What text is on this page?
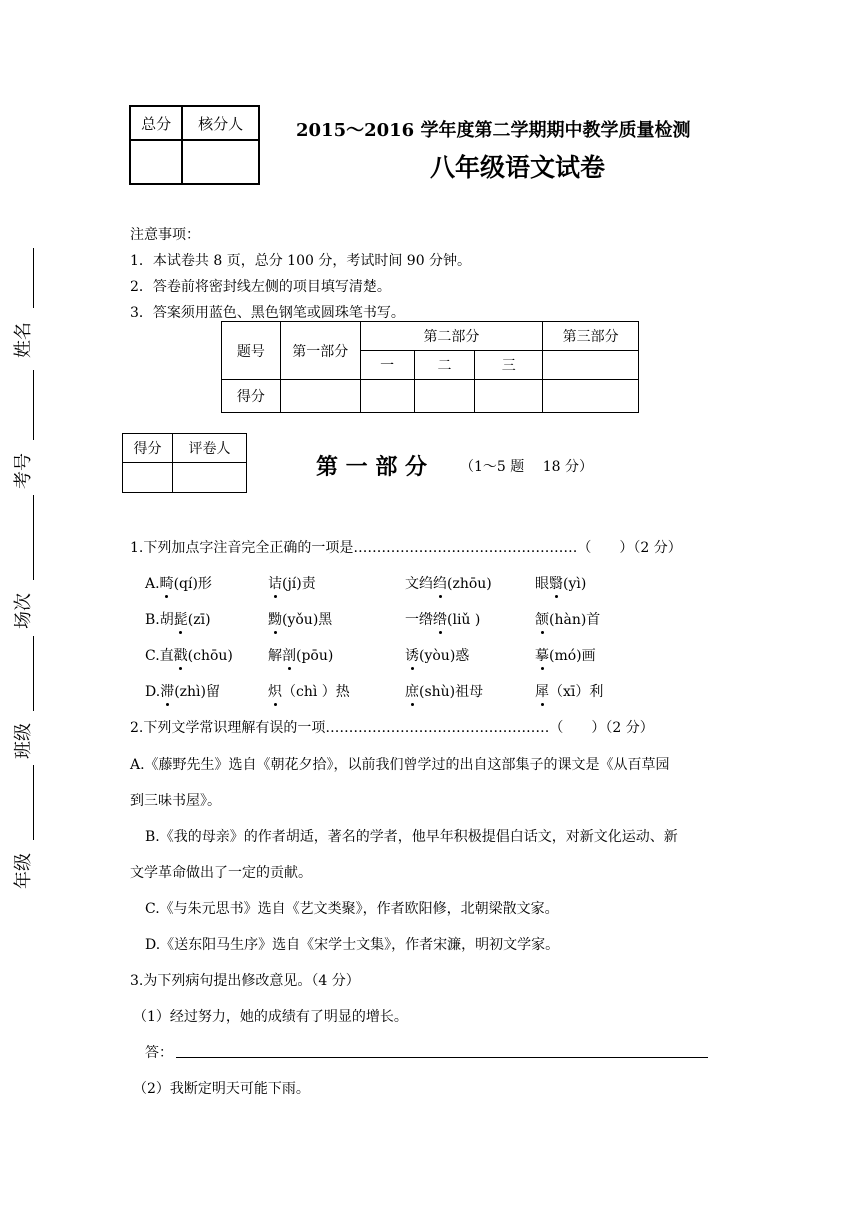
总分	核分人
		2015～2016 学年度第二学期期中教学质量检测
八年级语文试卷
注意事项：
1．本试卷共 8 页，总分 100 分，考试时间 90 分钟。
2．答卷前将密封线左侧的项目填写清楚。
3．答案须用蓝色、黑色钢笔或圆珠笔书写。
题号	第一部分	第二部分			第三部分
		一	二	三	
得分					
得分	评卷人

第 一 部 分 （1～5 题　 18 分）
姓名
考号
场次
班级
年级
1.下列加点字注音完全正确的一项是…………………………………………（　　）（2 分）
A.畸(qí)形	诘(jí)责	文绉绉(zhōu)	眼翳(yì)
B.胡髭(zī)	黝(yǒu)黑	一绺绺(liǔ )	颔(hàn)首
C.直戳(chōu)	解剖(pōu)	诱(yòu)惑	摹(mó)画
D.滞(zhì)留	炽（chì ）热	庶(shù)祖母	犀（xī）利
2.下列文学常识理解有误的一项…………………………………………（　　）（2 分）
A.《藤野先生》选自《朝花夕拾》，以前我们曾学过的出自这部集子的课文是《从百草园
到三味书屋》。
B.《我的母亲》的作者胡适，著名的学者，他早年积极提倡白话文，对新文化运动、新
文学革命做出了一定的贡献。
C.《与朱元思书》选自《艺文类聚》，作者欧阳修，北朝梁散文家。
D.《送东阳马生序》选自《宋学士文集》，作者宋濂，明初文学家。
3.为下列病句提出修改意见。（4 分）
（1）经过努力，她的成绩有了明显的增长。
答：
（2）我断定明天可能下雨。
